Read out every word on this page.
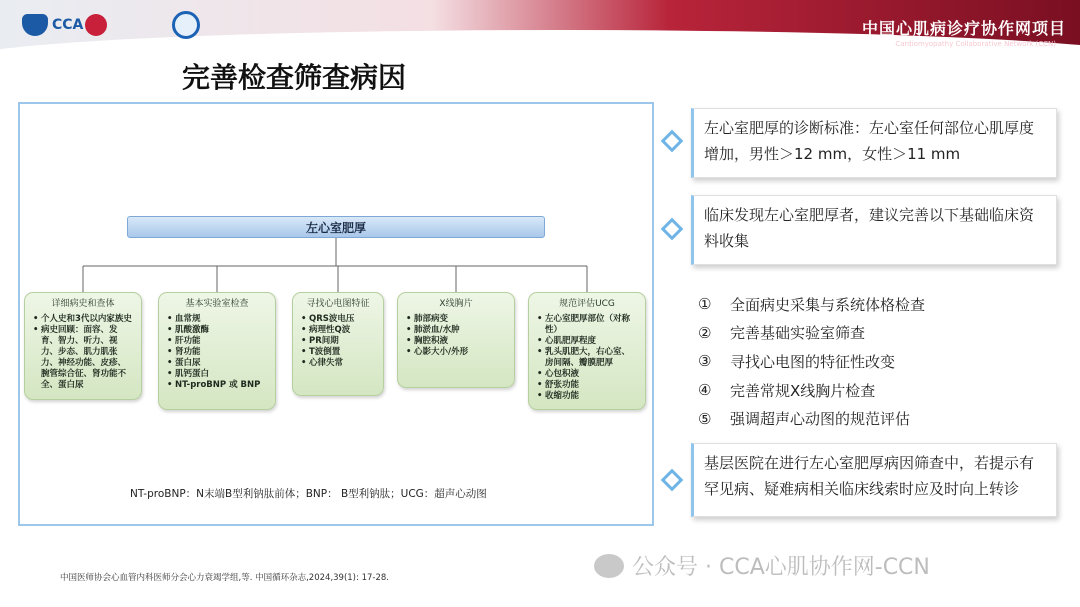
CCA	中国心肌病诊疗协作网项目
Cardiomyopathy Collaborative Network (CCN)
完善检查筛查病因
左心室肥厚
详细病史和查体
• 个人史和3代以内家族史
• 病史回顾：面容、发育、智力、听力、视力、步态、肌力肌张力、神经功能、皮疹、腕管综合征、肾功能不全、蛋白尿
基本实验室检查
• 血常规
• 肌酸激酶
• 肝功能
• 肾功能
• 蛋白尿
• 肌钙蛋白
• NT-proBNP 或 BNP
寻找心电图特征
• QRS波电压
• 病理性Q波
• PR间期
• T波倒置
• 心律失常
X线胸片
• 肺部病变
• 肺淤血/水肿
• 胸腔积液
• 心影大小/外形
规范评估UCG
• 左心室肥厚部位（对称性）
• 心肌肥厚程度
• 乳头肌肥大，右心室、房间隔、瓣膜肥厚
• 心包积液
• 舒张功能
• 收缩功能
NT-proBNP：N末端B型利钠肽前体；BNP： B型利钠肽；UCG：超声心动图
左心室肥厚的诊断标准：左心室任何部位心肌厚度增加，男性＞12 mm，女性＞11 mm
临床发现左心室肥厚者，建议完善以下基础临床资料收集
①	全面病史采集与系统体格检查
②	完善基础实验室筛查
③	寻找心电图的特征性改变
④	完善常规X线胸片检查
⑤	强调超声心动图的规范评估
基层医院在进行左心室肥厚病因筛查中，若提示有罕见病、疑难病相关临床线索时应及时向上转诊
中国医师协会心血管内科医师分会心力衰竭学组,等. 中国循环杂志,2024,39(1): 17-28.	公众号 · CCA心肌协作网-CCN
